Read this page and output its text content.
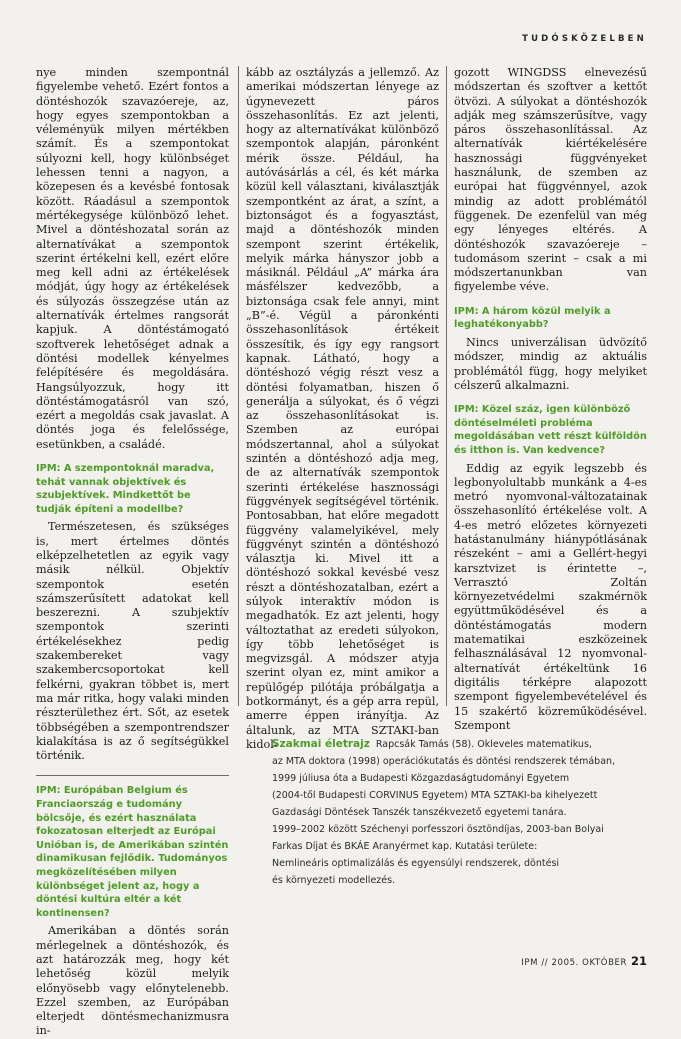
TUDÓSKÖZELBEN

nye minden szempontnál figyelembe vehető. Ezért fontos a döntéshozók szavazóereje, az, hogy egyes szempontokban a véleményük milyen mértékben számít. És a szempontokat súlyozni kell, hogy különbséget lehessen tenni a nagyon, a közepesen és a kevésbé fontosak között. Ráadásul a szempontok mértékegysége különböző lehet. Mivel a döntéshozatal során az alternatívákat a szempontok szerint értékelni kell, ezért előre meg kell adni az értékelések módját, úgy hogy az értékelések és súlyozás összegzése után az alternatívák értelmes rangsorát kapjuk. A döntéstámogató szoftverek lehetőséget adnak a döntési modellek kényelmes felépítésére és megoldására. Hangsúlyozzuk, hogy itt döntéstámogatásról van szó, ezért a megoldás csak javaslat. A döntés joga és felelőssége, esetünkben, a családé.

IPM: A szempontoknál maradva, tehát vannak objektívek és szubjektívek. Mindkettőt be tudják építeni a modellbe?

Természetesen, és szükséges is, mert értelmes döntés elképzelhetetlen az egyik vagy másik nélkül. Objektív szempontok esetén számszerűsített adatokat kell beszerezni. A szubjektív szempontok szerinti értékelésekhez pedig szakembereket vagy szakembercsoportokat kell felkérni, gyakran többet is, mert ma már ritka, hogy valaki minden részterülethez ért. Sőt, az esetek többségében a szempontrendszer kialakítása is az ő segítségükkel történik.

IPM: Európában Belgium és Franciaország e tudomány bölcsője, és ezért használata fokozatosan elterjedt az Európai Unióban is, de Amerikában szintén dinamikusan fejlődik. Tudományos megközelítésében milyen különbséget jelent az, hogy a döntési kultúra eltér a két kontinensen?

Amerikában a döntés során mérlegelnek a döntéshozók, és azt határozzák meg, hogy két lehetőség közül melyik előnyösebb vagy előnytelenebb. Ezzel szemben, az Európában elterjedt döntésmechanizmusra in-

kább az osztályzás a jellemző. Az amerikai módszertan lényege az úgynevezett páros összehasonlítás. Ez azt jelenti, hogy az alternatívákat különböző szempontok alapján, páronként mérik össze. Például, ha autóvásárlás a cél, és két márka közül kell választani, kiválasztják szempontként az árat, a színt, a biztonságot és a fogyasztást, majd a döntéshozók minden szempont szerint értékelik, melyik márka hányszor jobb a másiknál. Például „A” márka ára másfélszer kedvezőbb, a biztonsága csak fele annyi, mint „B”-é. Végül a páronkénti összehasonlítások értékeit összesítik, és így egy rangsort kapnak. Látható, hogy a döntéshozó végig részt vesz a döntési folyamatban, hiszen ő generálja a súlyokat, és ő végzi az összehasonlításokat is. Szemben az európai módszertannal, ahol a súlyokat szintén a döntéshozó adja meg, de az alternatívák szempontok szerinti értékelése hasznossági függvények segítségével történik. Pontosabban, hat előre megadott függvény valamelyikével, mely függvényt szintén a döntéshozó választja ki. Mivel itt a döntéshozó sokkal kevésbé vesz részt a döntéshozatalban, ezért a súlyok interaktív módon is megadhatók. Ez azt jelenti, hogy változtathat az eredeti súlyokon, így több lehetőséget is megvizsgál. A módszer atyja szerint olyan ez, mint amikor a repülőgép pilótája próbálgatja a botkormányt, és a gép arra repül, amerre éppen irányítja. Az általunk, az MTA SZTAKI-ban kidol-

gozott WINGDSS elnevezésű módszertan és szoftver a kettőt ötvözi. A súlyokat a döntéshozók adják meg számszerűsítve, vagy páros összehasonlítással. Az alternatívák kiértékelésére hasznossági függvényeket használunk, de szemben az európai hat függvénnyel, azok mindig az adott problémától függenek. De ezenfelül van még egy lényeges eltérés. A döntéshozók szavazóereje – tudomásom szerint – csak a mi módszertanunkban van figyelembe véve.

IPM: A három közül melyik a leghatékonyabb?

Nincs univerzálisan üdvözítő módszer, mindig az aktuális problémától függ, hogy melyiket célszerű alkalmazni.

IPM: Közel száz, igen különböző döntéselméleti probléma megoldásában vett részt külföldön és itthon is. Van kedvence?

Eddig az egyik legszebb és legbonyolultabb munkánk a 4-es metró nyomvonal-változatainak összehasonlító értékelése volt. A 4-es metró előzetes környezeti hatástanulmány hiánypótlásának részeként – ami a Gellért-hegyi karsztvizet is érintette –, Verrasztó Zoltán környezetvédelmi szakmérnök együttműködésével és a döntéstámogatás modern matematikai eszközeinek felhasználásával 12 nyomvonal-alternatívát értékeltünk 16 digitális térképre alapozott szempont figyelembevételével és 15 szakértő közreműködésével. Szempont

Szakmai életrajz Rapcsák Tamás (58). Okleveles matematikus,
az MTA doktora (1998) operációkutatás és döntési rendszerek témában,
1999 júliusa óta a Budapesti Közgazdaságtudományi Egyetem
(2004-től Budapesti CORVINUS Egyetem) MTA SZTAKI-ba kihelyezett
Gazdasági Döntések Tanszék tanszékvezető egyetemi tanára.
1999–2002 között Széchenyi porfesszori ösztöndíjas, 2003-ban Bolyai
Farkas Díjat és BKÁE Aranyérmet kap. Kutatási területe:
Nemlineáris optimalizálás és egyensúlyi rendszerek, döntési
és környezeti modellezés.
IPM // 2005. OKTÓBER 21
